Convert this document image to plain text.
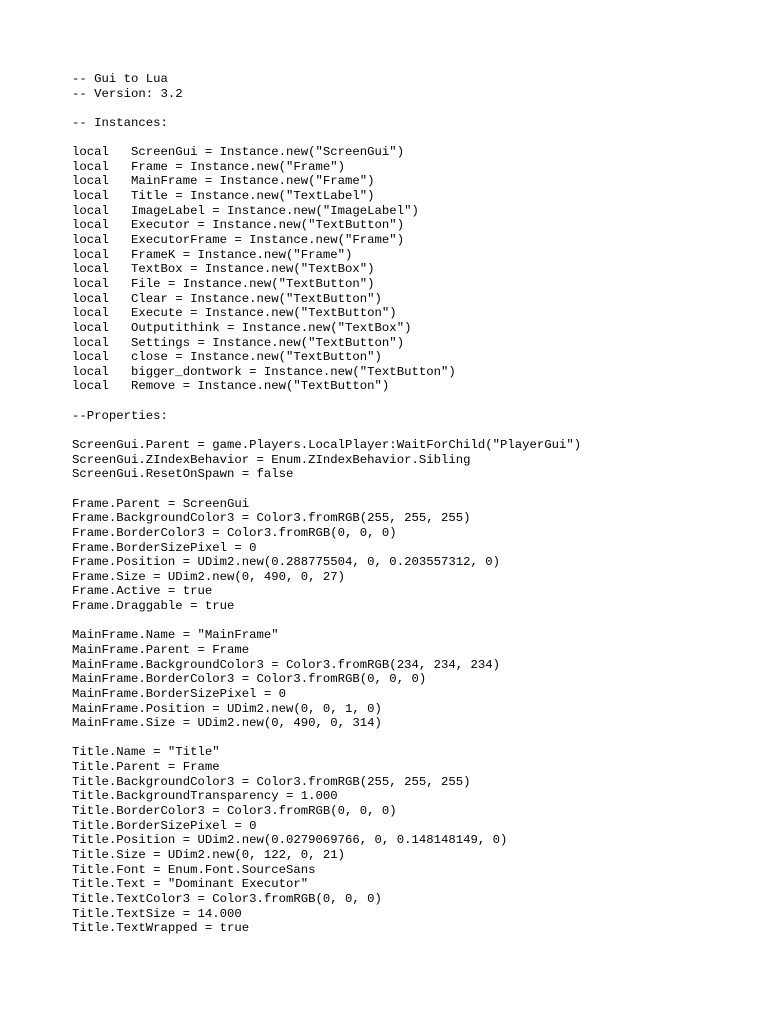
-- Gui to Lua
-- Version: 3.2
-- Instances:
local   ScreenGui = Instance.new("ScreenGui")
local   Frame = Instance.new("Frame")
local   MainFrame = Instance.new("Frame")
local   Title = Instance.new("TextLabel")
local   ImageLabel = Instance.new("ImageLabel")
local   Executor = Instance.new("TextButton")
local   ExecutorFrame = Instance.new("Frame")
local   FrameK = Instance.new("Frame")
local   TextBox = Instance.new("TextBox")
local   File = Instance.new("TextButton")
local   Clear = Instance.new("TextButton")
local   Execute = Instance.new("TextButton")
local   Outputithink = Instance.new("TextBox")
local   Settings = Instance.new("TextButton")
local   close = Instance.new("TextButton")
local   bigger_dontwork = Instance.new("TextButton")
local   Remove = Instance.new("TextButton")
--Properties:
ScreenGui.Parent = game.Players.LocalPlayer:WaitForChild("PlayerGui")
ScreenGui.ZIndexBehavior = Enum.ZIndexBehavior.Sibling
ScreenGui.ResetOnSpawn = false
Frame.Parent = ScreenGui
Frame.BackgroundColor3 = Color3.fromRGB(255, 255, 255)
Frame.BorderColor3 = Color3.fromRGB(0, 0, 0)
Frame.BorderSizePixel = 0
Frame.Position = UDim2.new(0.288775504, 0, 0.203557312, 0)
Frame.Size = UDim2.new(0, 490, 0, 27)
Frame.Active = true
Frame.Draggable = true
MainFrame.Name = "MainFrame"
MainFrame.Parent = Frame
MainFrame.BackgroundColor3 = Color3.fromRGB(234, 234, 234)
MainFrame.BorderColor3 = Color3.fromRGB(0, 0, 0)
MainFrame.BorderSizePixel = 0
MainFrame.Position = UDim2.new(0, 0, 1, 0)
MainFrame.Size = UDim2.new(0, 490, 0, 314)
Title.Name = "Title"
Title.Parent = Frame
Title.BackgroundColor3 = Color3.fromRGB(255, 255, 255)
Title.BackgroundTransparency = 1.000
Title.BorderColor3 = Color3.fromRGB(0, 0, 0)
Title.BorderSizePixel = 0
Title.Position = UDim2.new(0.0279069766, 0, 0.148148149, 0)
Title.Size = UDim2.new(0, 122, 0, 21)
Title.Font = Enum.Font.SourceSans
Title.Text = "Dominant Executor"
Title.TextColor3 = Color3.fromRGB(0, 0, 0)
Title.TextSize = 14.000
Title.TextWrapped = true
